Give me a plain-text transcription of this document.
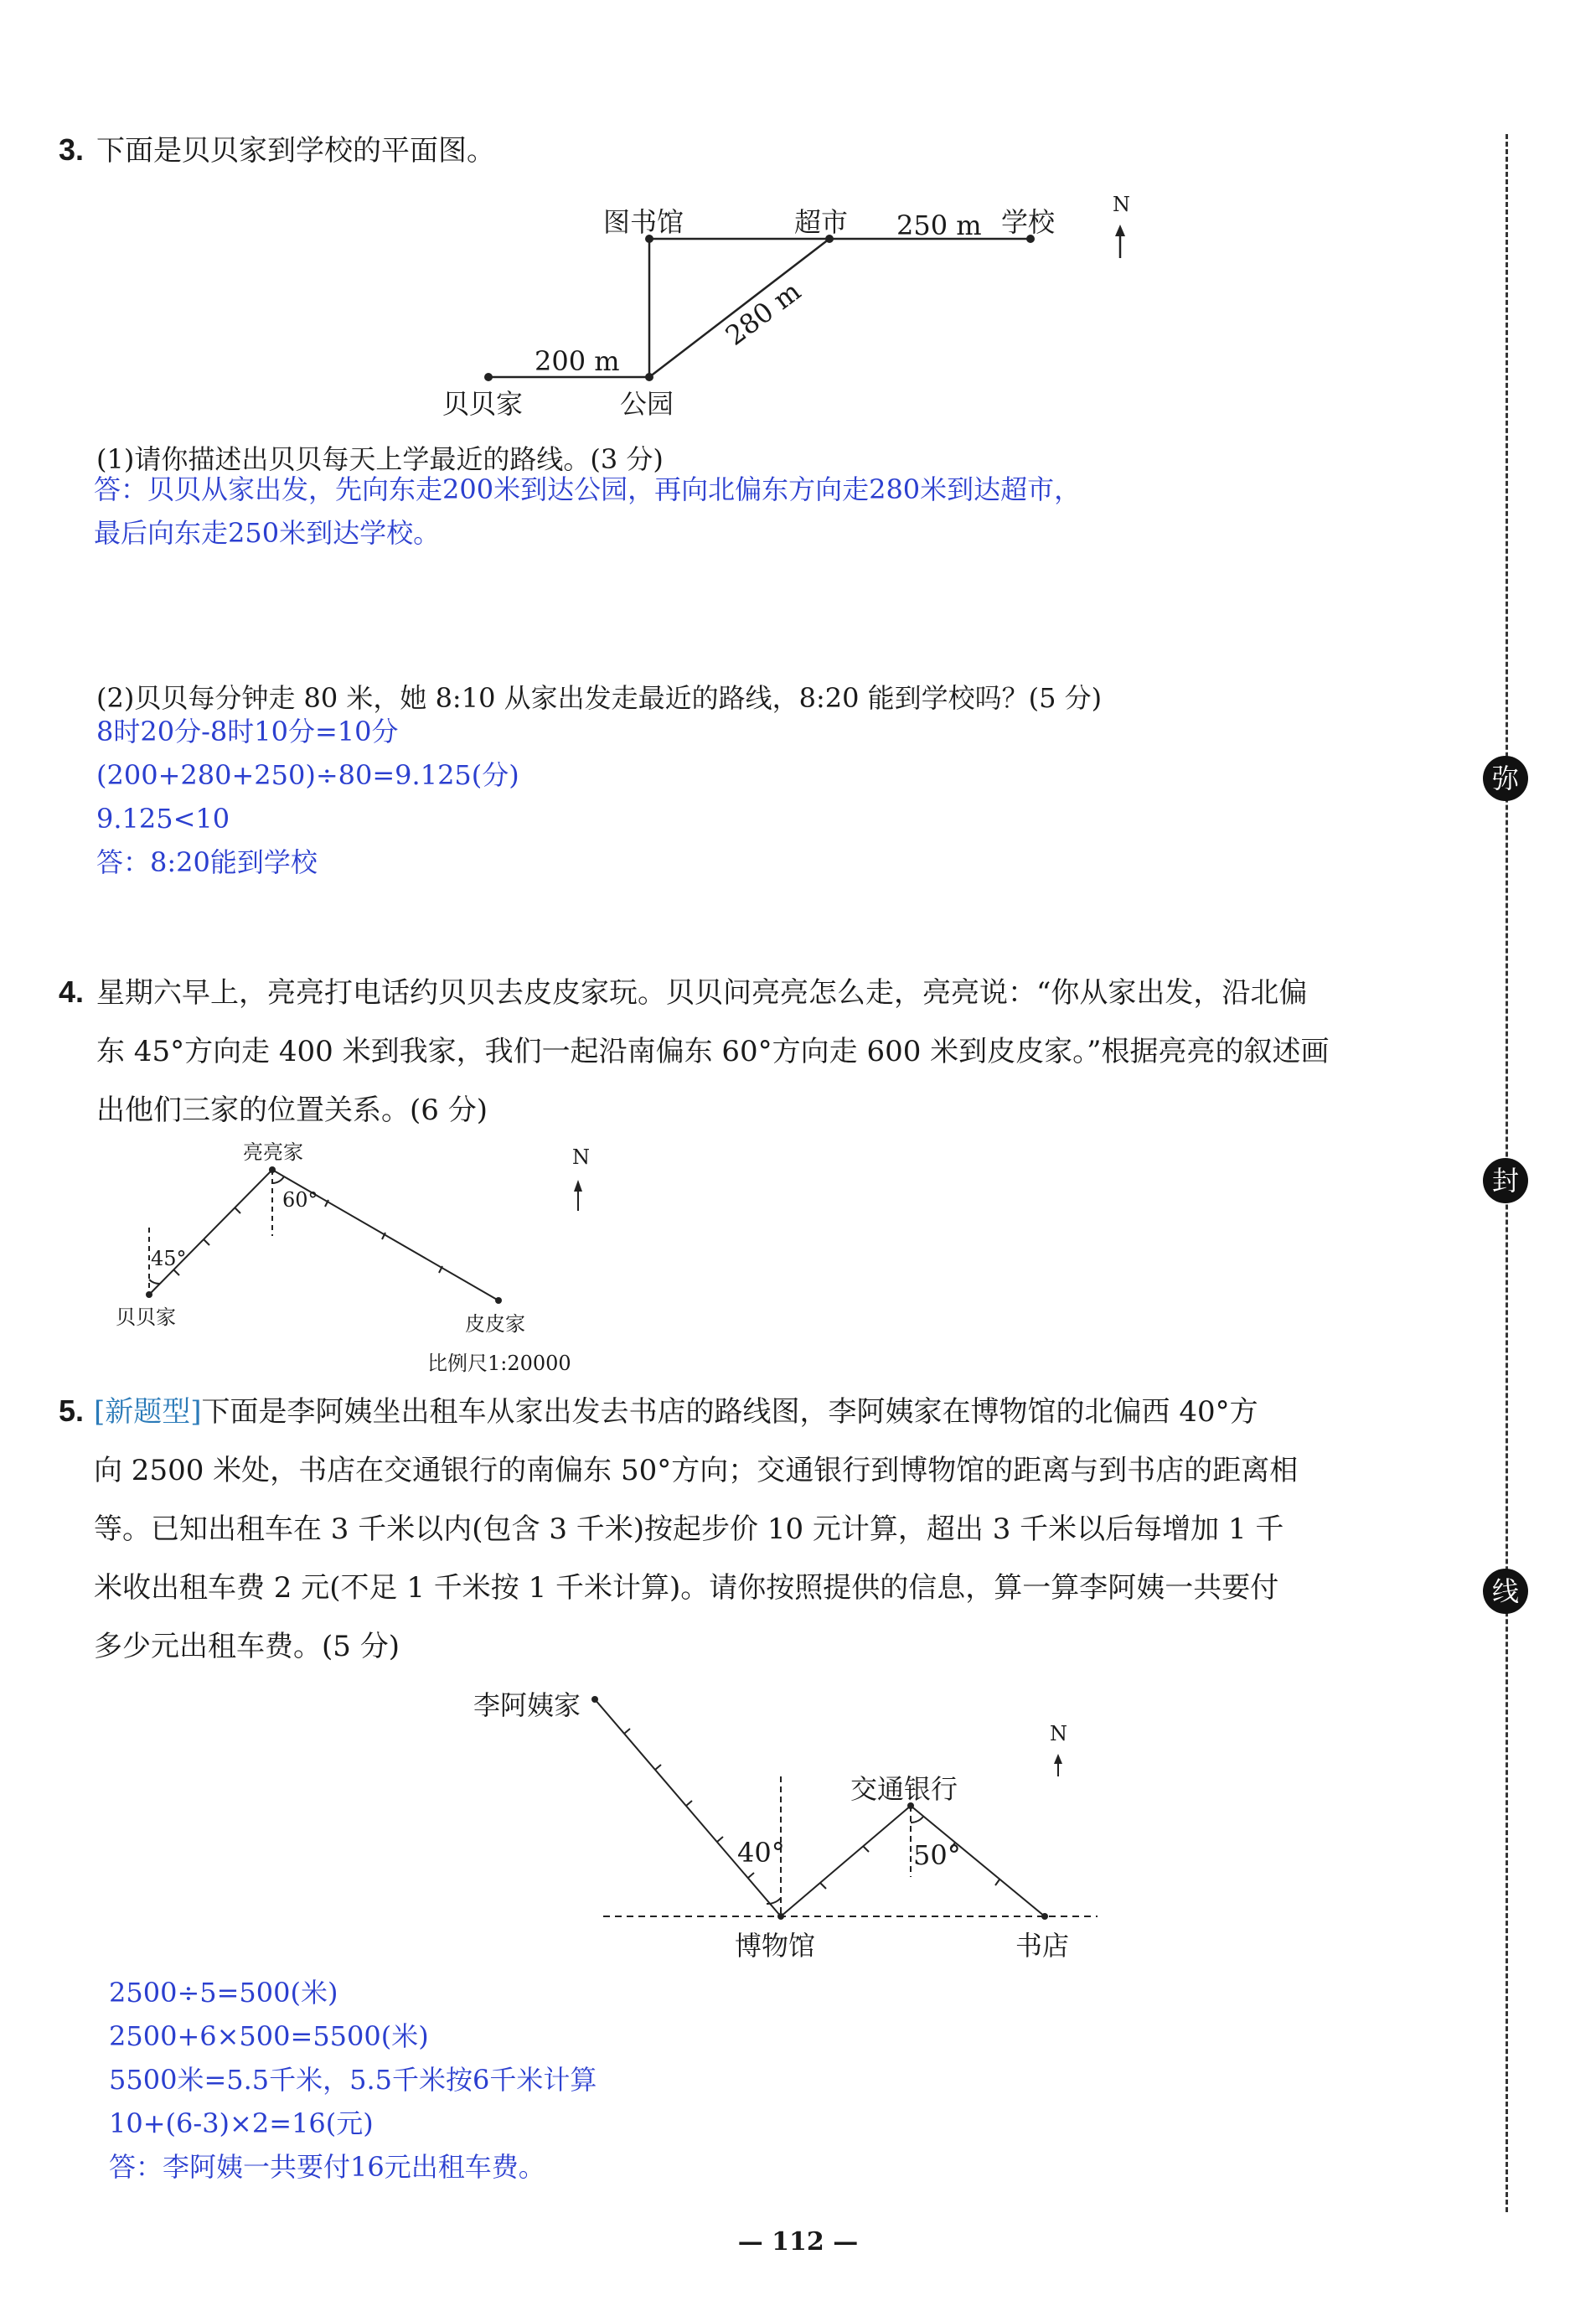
弥
封
线
3. 下面是贝贝家到学校的平面图。
图书馆	超市 250 m 学校
N
280 m
200 m
贝贝家	公园
(1)请你描述出贝贝每天上学最近的路线。(3 分)
答：贝贝从家出发，先向东走200米到达公园，再向北偏东方向走280米到达超市，
最后向东走250米到达学校。
(2)贝贝每分钟走 80 米，她 8:10 从家出发走最近的路线，8:20 能到学校吗？(5 分)
8时20分-8时10分=10分
(200+280+250)÷80=9.125(分)
9.125<10
答：8:20能到学校
4. 星期六早上，亮亮打电话约贝贝去皮皮家玩。贝贝问亮亮怎么走，亮亮说：“你从家出发，沿北偏
东 45°方向走 400 米到我家，我们一起沿南偏东 60°方向走 600 米到皮皮家。”根据亮亮的叙述画
出他们三家的位置关系。(6 分)
亮亮家	N
60°
45°
贝贝家	皮皮家
比例尺1:20000
5. [新题型]下面是李阿姨坐出租车从家出发去书店的路线图，李阿姨家在博物馆的北偏西 40°方
向 2500 米处，书店在交通银行的南偏东 50°方向；交通银行到博物馆的距离与到书店的距离相
等。已知出租车在 3 千米以内(包含 3 千米)按起步价 10 元计算，超出 3 千米以后每增加 1 千
米收出租车费 2 元(不足 1 千米按 1 千米计算)。请你按照提供的信息，算一算李阿姨一共要付
多少元出租车费。(5 分)
李阿姨家
N
交通银行
50°
40°
博物馆	书店
2500÷5=500(米)
2500+6×500=5500(米)
5500米=5.5千米，5.5千米按6千米计算
10+(6-3)×2=16(元)
答：李阿姨一共要付16元出租车费。
— 112 —
